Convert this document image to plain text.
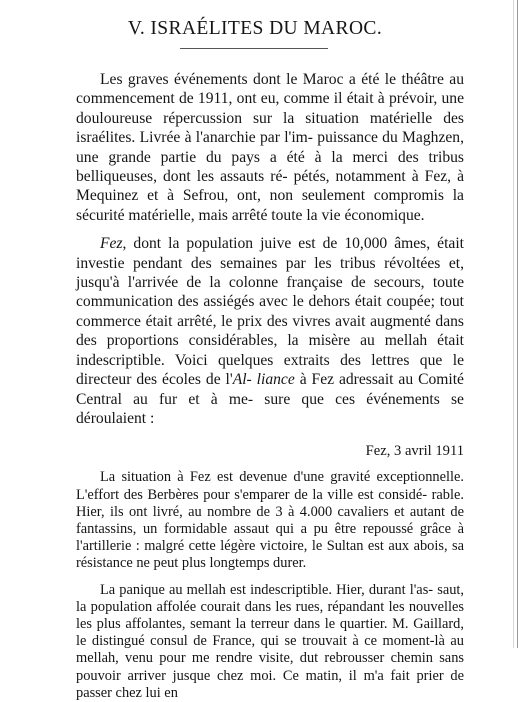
V. ISRAÉLITES DU MAROC.

Les graves événements dont le Maroc a été le théâtre au commencement de 1911, ont eu, comme il était à prévoir, une douloureuse répercussion sur la situation matérielle des israélites. Livrée à l'anarchie par l'im- puissance du Maghzen, une grande partie du pays a été à la merci des tribus belliqueuses, dont les assauts ré- pétés, notamment à Fez, à Mequinez et à Sefrou, ont, non seulement compromis la sécurité matérielle, mais arrêté toute la vie économique.

Fez, dont la population juive est de 10,000 âmes, était investie pendant des semaines par les tribus révoltées et, jusqu'à l'arrivée de la colonne française de secours, toute communication des assiégés avec le dehors était coupée; tout commerce était arrêté, le prix des vivres avait augmenté dans des proportions considérables, la misère au mellah était indescriptible. Voici quelques extraits des lettres que le directeur des écoles de l'Al- liance à Fez adressait au Comité Central au fur et à me- sure que ces événements se déroulaient :

Fez, 3 avril 1911

La situation à Fez est devenue d'une gravité exceptionnelle. L'effort des Berbères pour s'emparer de la ville est considé- rable. Hier, ils ont livré, au nombre de 3 à 4.000 cavaliers et autant de fantassins, un formidable assaut qui a pu être repoussé grâce à l'artillerie : malgré cette légère victoire, le Sultan est aux abois, sa résistance ne peut plus longtemps durer.

La panique au mellah est indescriptible. Hier, durant l'as- saut, la population affolée courait dans les rues, répandant les nouvelles les plus affolantes, semant la terreur dans le quartier. M. Gaillard, le distingué consul de France, qui se trouvait à ce moment-là au mellah, venu pour me rendre visite, dut rebrousser chemin sans pouvoir arriver jusque chez moi. Ce matin, il m'a fait prier de passer chez lui en
